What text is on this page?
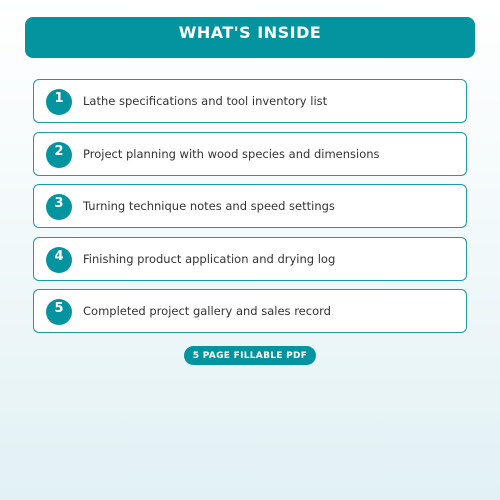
WHAT'S INSIDE
1	Lathe specifications and tool inventory list
2	Project planning with wood species and dimensions
3	Turning technique notes and speed settings
4	Finishing product application and drying log
5	Completed project gallery and sales record
5 PAGE FILLABLE PDF
